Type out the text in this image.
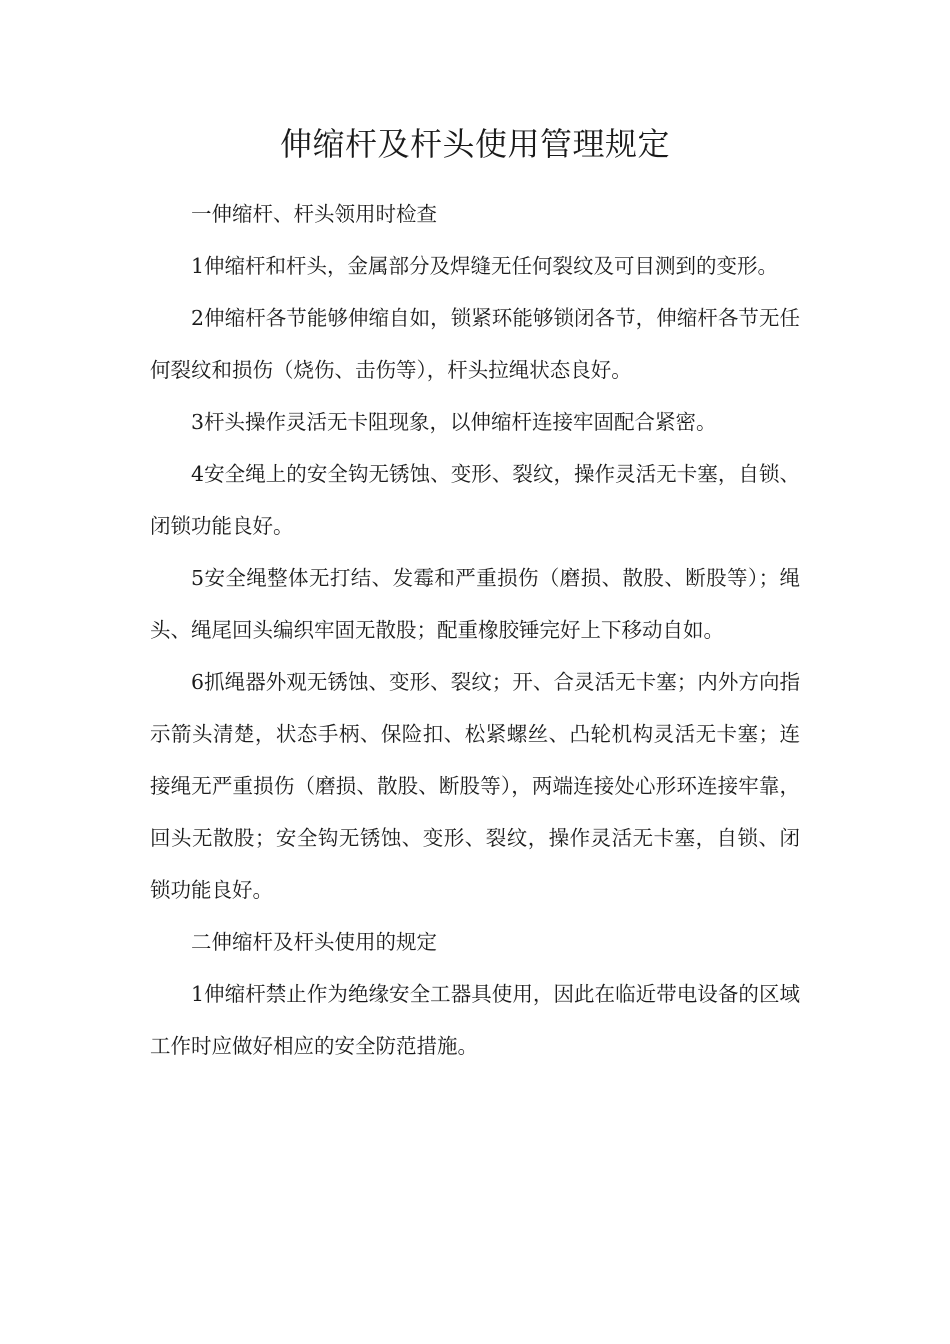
伸缩杆及杆头使用管理规定

一伸缩杆、杆头领用时检查

1伸缩杆和杆头，金属部分及焊缝无任何裂纹及可目测到的变形。

2伸缩杆各节能够伸缩自如，锁紧环能够锁闭各节，伸缩杆各节无任何裂纹和损伤（烧伤、击伤等），杆头拉绳状态良好。

3杆头操作灵活无卡阻现象，以伸缩杆连接牢固配合紧密。

4安全绳上的安全钩无锈蚀、变形、裂纹，操作灵活无卡塞，自锁、闭锁功能良好。

5安全绳整体无打结、发霉和严重损伤（磨损、散股、断股等）；绳头、绳尾回头编织牢固无散股；配重橡胶锤完好上下移动自如。

6抓绳器外观无锈蚀、变形、裂纹；开、合灵活无卡塞；内外方向指示箭头清楚，状态手柄、保险扣、松紧螺丝、凸轮机构灵活无卡塞；连接绳无严重损伤（磨损、散股、断股等），两端连接处心形环连接牢靠，回头无散股；安全钩无锈蚀、变形、裂纹，操作灵活无卡塞，自锁、闭锁功能良好。

二伸缩杆及杆头使用的规定

1伸缩杆禁止作为绝缘安全工器具使用，因此在临近带电设备的区域工作时应做好相应的安全防范措施。
